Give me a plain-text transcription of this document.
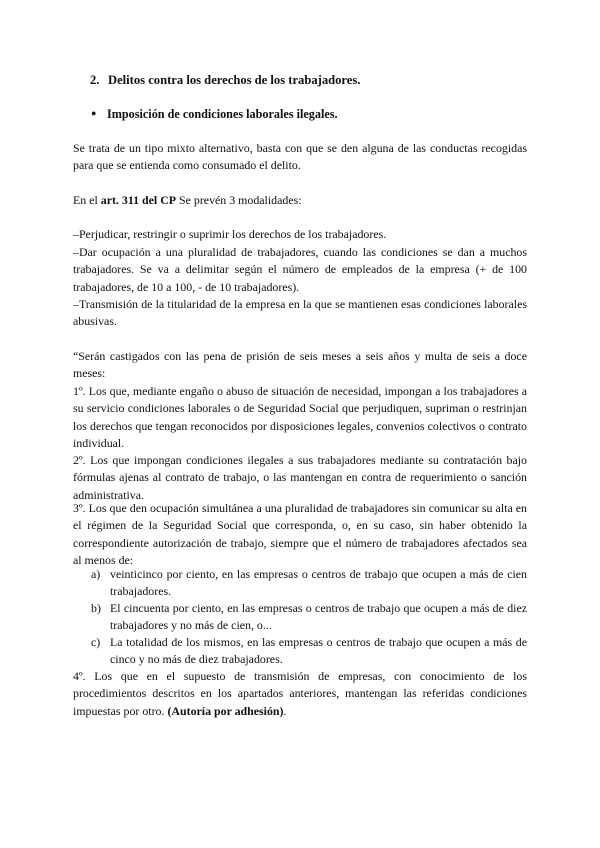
2. Delitos contra los derechos de los trabajadores.
● Imposición de condiciones laborales ilegales.

Se trata de un tipo mixto alternativo, basta con que se den alguna de las conductas recogidas para que se entienda como consumado el delito.

En el art. 311 del CP Se prevén 3 modalidades:

–Perjudicar, restringir o suprimir los derechos de los trabajadores.

–Dar ocupación a una pluralidad de trabajadores, cuando las condiciones se dan a muchos trabajadores. Se va a delimitar según el número de empleados de la empresa (+ de 100 trabajadores, de 10 a 100, - de 10 trabajadores).

–Transmisión de la titularidad de la empresa en la que se mantienen esas condiciones laborales abusivas.

“Serán castigados con las pena de prisión de seis meses a seis años y multa de seis a doce meses:

1º. Los que, mediante engaño o abuso de situación de necesidad, impongan a los trabajadores a su servicio condiciones laborales o de Seguridad Social que perjudiquen, supriman o restrinjan los derechos que tengan reconocidos por disposiciones legales, convenios colectivos o contrato individual.

2º. Los que impongan condiciones ilegales a sus trabajadores mediante su contratación bajo fórmulas ajenas al contrato de trabajo, o las mantengan en contra de requerimiento o sanción administrativa.

3º. Los que den ocupación simultánea a una pluralidad de trabajadores sin comunicar su alta en el régimen de la Seguridad Social que corresponda, o, en su caso, sin haber obtenido la correspondiente autorización de trabajo, siempre que el número de trabajadores afectados sea al menos de:

a) veinticinco por ciento, en las empresas o centros de trabajo que ocupen a más de cien trabajadores.
b) El cincuenta por ciento, en las empresas o centros de trabajo que ocupen a más de diez trabajadores y no más de cien, o...
c) La totalidad de los mismos, en las empresas o centros de trabajo que ocupen a más de cinco y no más de diez trabajadores.

4º. Los que en el supuesto de transmisión de empresas, con conocimiento de los procedimientos descritos en los apartados anteriores, mantengan las referidas condiciones impuestas por otro. (Autoría por adhesión).
